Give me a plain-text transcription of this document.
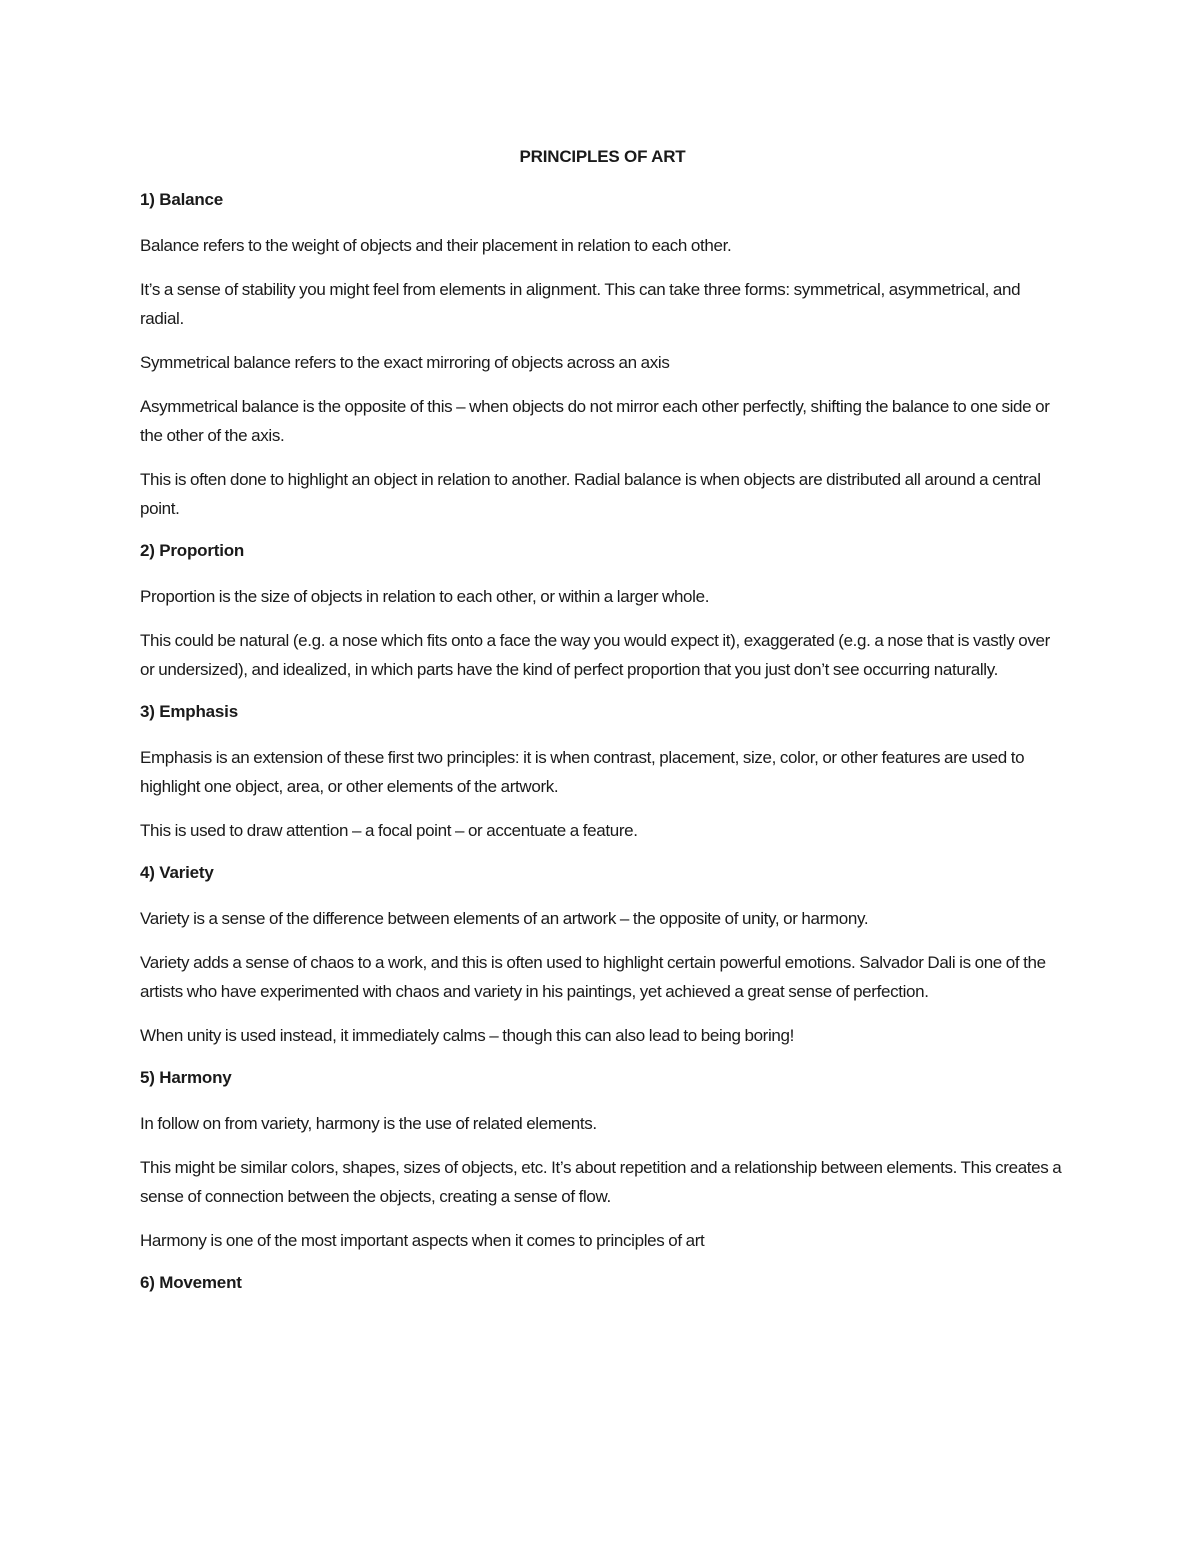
PRINCIPLES OF ART
1) Balance

Balance refers to the weight of objects and their placement in relation to each other.

It’s a sense of stability you might feel from elements in alignment. This can take three forms: symmetrical, asymmetrical, and radial.

Symmetrical balance refers to the exact mirroring of objects across an axis

Asymmetrical balance is the opposite of this – when objects do not mirror each other perfectly, shifting the balance to one side or the other of the axis.

This is often done to highlight an object in relation to another. Radial balance is when objects are distributed all around a central point.

2) Proportion

Proportion is the size of objects in relation to each other, or within a larger whole.

This could be natural (e.g. a nose which fits onto a face the way you would expect it), exaggerated (e.g. a nose that is vastly over or undersized), and idealized, in which parts have the kind of perfect proportion that you just don’t see occurring naturally.

3) Emphasis

Emphasis is an extension of these first two principles: it is when contrast, placement, size, color, or other features are used to highlight one object, area, or other elements of the artwork.

This is used to draw attention – a focal point – or accentuate a feature.

4) Variety

Variety is a sense of the difference between elements of an artwork – the opposite of unity, or harmony.

Variety adds a sense of chaos to a work, and this is often used to highlight certain powerful emotions. Salvador Dali is one of the artists who have experimented with chaos and variety in his paintings, yet achieved a great sense of perfection.

When unity is used instead, it immediately calms – though this can also lead to being boring!

5) Harmony

In follow on from variety, harmony is the use of related elements.

This might be similar colors, shapes, sizes of objects, etc. It’s about repetition and a relationship between elements. This creates a sense of connection between the objects, creating a sense of flow.

Harmony is one of the most important aspects when it comes to principles of art

6) Movement
